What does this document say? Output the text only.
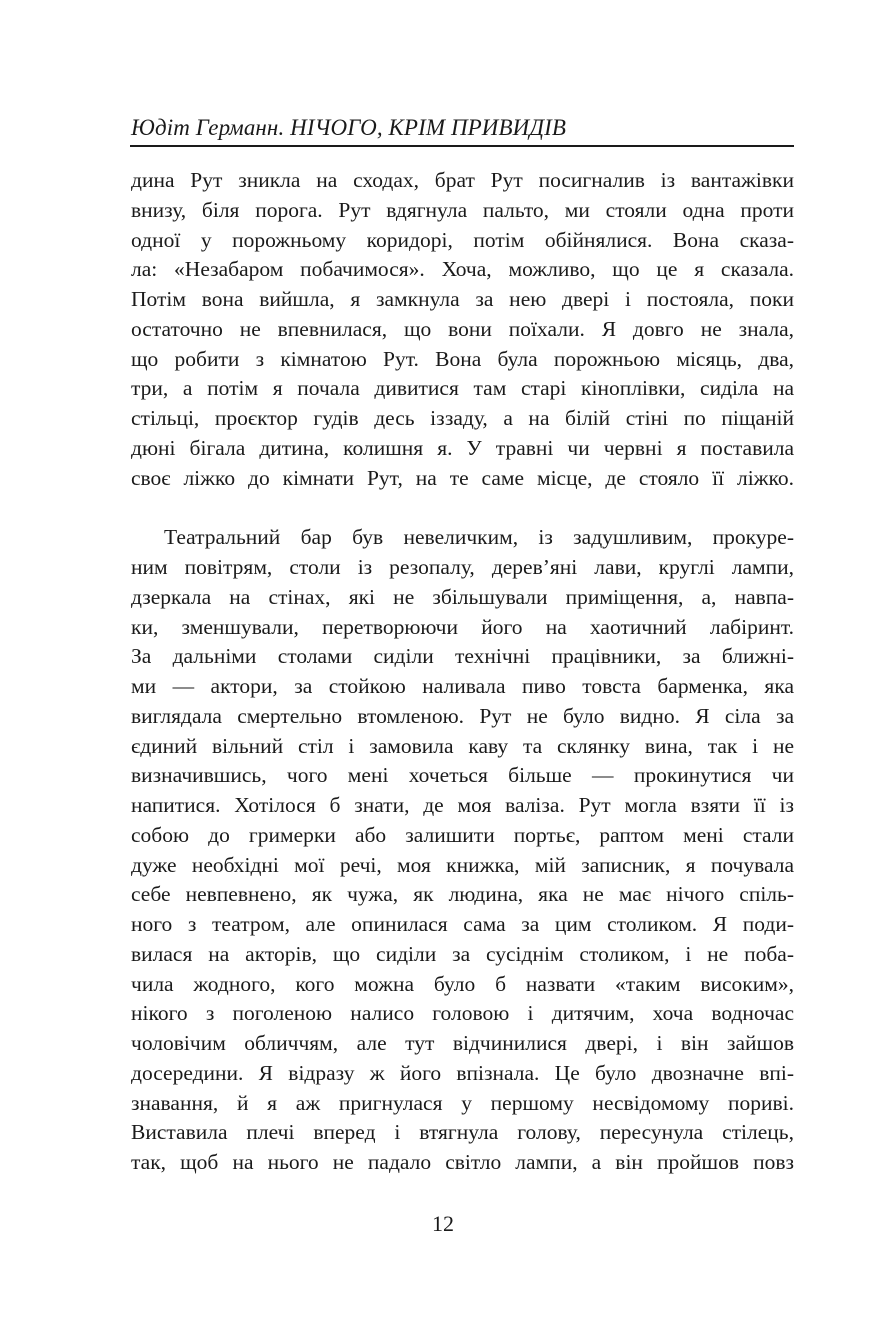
Юдіт Германн. НІЧОГО, КРІМ ПРИВИДІВ
дина Рут зникла на сходах, брат Рут посигналив із вантажівки
внизу, біля порога. Рут вдягнула пальто, ми стояли одна проти
одної у порожньому коридорі, потім обійнялися. Вона сказа-
ла: «Незабаром побачимося». Хоча, можливо, що це я сказала.
Потім вона вийшла, я замкнула за нею двері і постояла, поки
остаточно не впевнилася, що вони поїхали. Я довго не знала,
що робити з кімнатою Рут. Вона була порожньою місяць, два,
три, а потім я почала дивитися там старі кіноплівки, сиділа на
стільці, проєктор гудів десь іззаду, а на білій стіні по піщаній
дюні бігала дитина, колишня я. У травні чи червні я поставила
своє ліжко до кімнати Рут, на те саме місце, де стояло її ліжко.
Театральний бар був невеличким, із задушливим, прокуре-
ним повітрям, столи із резопалу, дерев’яні лави, круглі лампи,
дзеркала на стінах, які не збільшували приміщення, а, навпа-
ки, зменшували, перетворюючи його на хаотичний лабіринт.
За дальніми столами сиділи технічні працівники, за ближні-
ми — актори, за стойкою наливала пиво товста барменка, яка
виглядала смертельно втомленою. Рут не було видно. Я сіла за
єдиний вільний стіл і замовила каву та склянку вина, так і не
визначившись, чого мені хочеться більше — прокинутися чи
напитися. Хотілося б знати, де моя валіза. Рут могла взяти її із
собою до гримерки або залишити портьє, раптом мені стали
дуже необхідні мої речі, моя книжка, мій записник, я почувала
себе невпевнено, як чужа, як людина, яка не має нічого спіль-
ного з театром, але опинилася сама за цим столиком. Я поди-
вилася на акторів, що сиділи за сусіднім столиком, і не поба-
чила жодного, кого можна було б назвати «таким високим»,
нікого з поголеною налисо головою і дитячим, хоча водночас
чоловічим обличчям, але тут відчинилися двері, і він зайшов
досередини. Я відразу ж його впізнала. Це було двозначне впі-
знавання, й я аж пригнулася у першому несвідомому пориві.
Виставила плечі вперед і втягнула голову, пересунула стілець,
так, щоб на нього не падало світло лампи, а він пройшов повз
12
